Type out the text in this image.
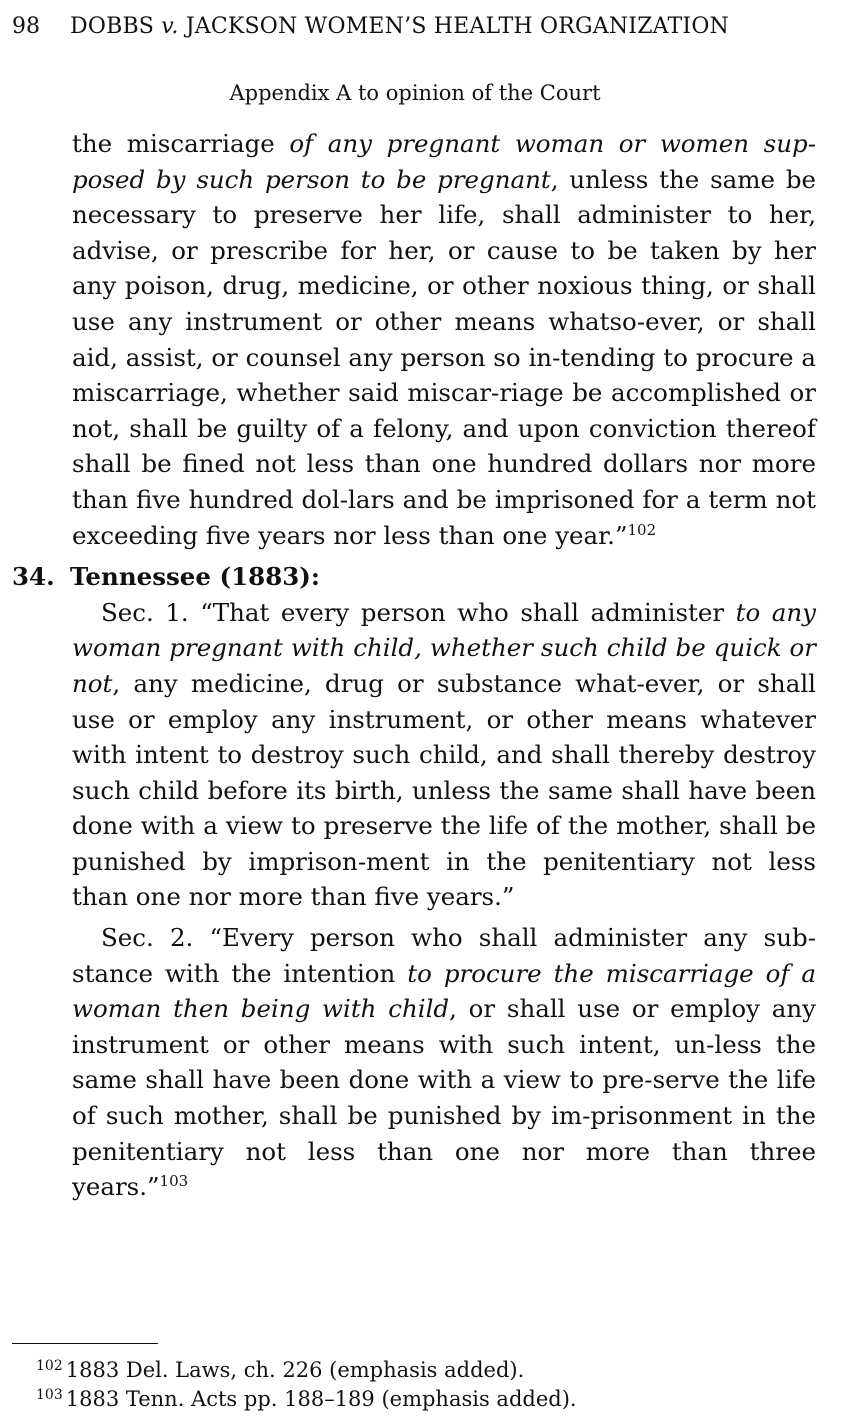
98 DOBBS v. JACKSON WOMEN’S HEALTH ORGANIZATION
Appendix A to opinion of the Court

the miscarriage of any pregnant woman or women sup-posed by such person to be pregnant, unless the same be necessary to preserve her life, shall administer to her, advise, or prescribe for her, or cause to be taken by her any poison, drug, medicine, or other noxious thing, or shall use any instrument or other means whatso-ever, or shall aid, assist, or counsel any person so in-tending to procure a miscarriage, whether said miscar-riage be accomplished or not, shall be guilty of a felony, and upon conviction thereof shall be fined not less than one hundred dollars nor more than five hundred dol-lars and be imprisoned for a term not exceeding five years nor less than one year.”$^{102}$

34. Tennessee (1883):

Sec. 1. “That every person who shall administer to any woman pregnant with child, whether such child be quick or not, any medicine, drug or substance what-ever, or shall use or employ any instrument, or other means whatever with intent to destroy such child, and shall thereby destroy such child before its birth, unless the same shall have been done with a view to preserve the life of the mother, shall be punished by imprison-ment in the penitentiary not less than one nor more than five years.”

Sec. 2. “Every person who shall administer any sub-stance with the intention to procure the miscarriage of a woman then being with child, or shall use or employ any instrument or other means with such intent, un-less the same shall have been done with a view to pre-serve the life of such mother, shall be punished by im-prisonment in the penitentiary not less than one nor more than three years.”$^{103}$

$^{102}$ 1883 Del. Laws, ch. 226 (emphasis added).

$^{103}$ 1883 Tenn. Acts pp. 188–189 (emphasis added).
